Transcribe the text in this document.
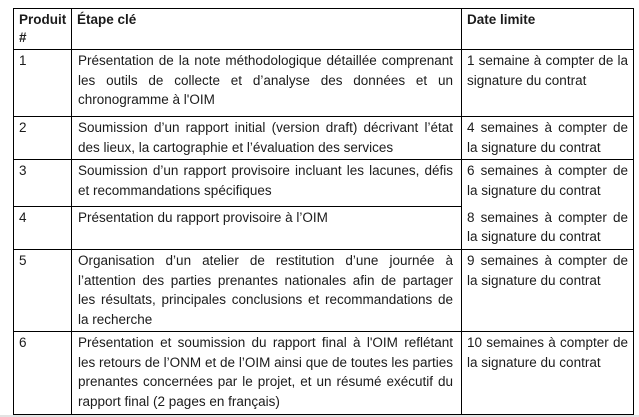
Produit #	Étape clé	Date limite
1	Présentation de la note méthodologique détaillée comprenant les outils de collecte et d’analyse des données et un chronogramme à l'OIM	1 semaine à compter de la signature du contrat
2	Soumission d’un rapport initial (version draft) décrivant l’état des lieux, la cartographie et l’évaluation des services	4 semaines à compter de la signature du contrat
3	Soumission d’un rapport provisoire incluant les lacunes, défis et recommandations spécifiques	6 semaines à compter de la signature du contrat
4	Présentation du rapport provisoire à l’OIM	8 semaines à compter de la signature du contrat
5	Organisation d’un atelier de restitution d’une journée à l’attention des parties prenantes nationales afin de partager les résultats, principales conclusions et recommandations de la recherche	9 semaines à compter de la signature du contrat
6	Présentation et soumission du rapport final à l'OIM reflétant les retours de l’ONM et de l’OIM ainsi que de toutes les parties prenantes concernées par le projet, et un résumé exécutif du rapport final (2 pages en français)	10 semaines à compter de la signature du contrat
